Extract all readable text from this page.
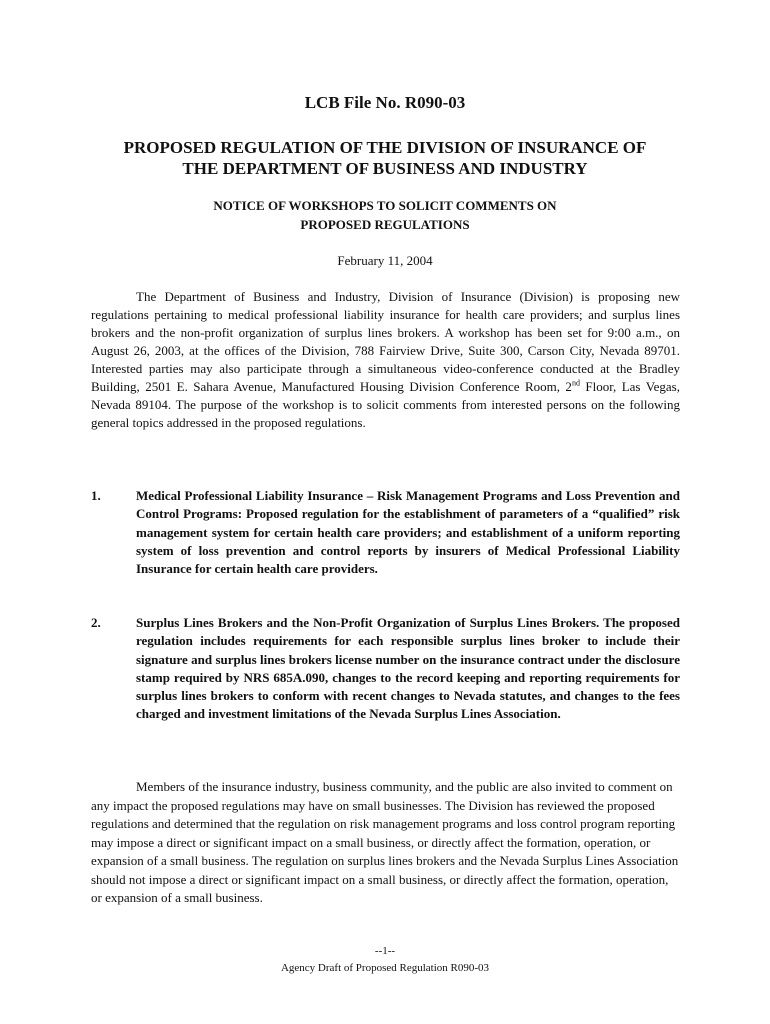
LCB File No. R090-03
PROPOSED REGULATION OF THE DIVISION OF INSURANCE OF
THE DEPARTMENT OF BUSINESS AND INDUSTRY
NOTICE OF WORKSHOPS TO SOLICIT COMMENTS ON
PROPOSED REGULATIONS
February 11, 2004

The Department of Business and Industry, Division of Insurance (Division) is proposing new regulations pertaining to medical professional liability insurance for health care providers; and surplus lines brokers and the non-profit organization of surplus lines brokers. A workshop has been set for 9:00 a.m., on August 26, 2003, at the offices of the Division, 788 Fairview Drive, Suite 300, Carson City, Nevada 89701. Interested parties may also participate through a simultaneous video-conference conducted at the Bradley Building, 2501 E. Sahara Avenue, Manufactured Housing Division Conference Room, 2nd Floor, Las Vegas, Nevada 89104. The purpose of the workshop is to solicit comments from interested persons on the following general topics addressed in the proposed regulations.

1.	Medical Professional Liability Insurance – Risk Management Programs and Loss Prevention and Control Programs: Proposed regulation for the establishment of parameters of a “qualified” risk management system for certain health care providers; and establishment of a uniform reporting system of loss prevention and control reports by insurers of Medical Professional Liability Insurance for certain health care providers.
2.	Surplus Lines Brokers and the Non-Profit Organization of Surplus Lines Brokers. The proposed regulation includes requirements for each responsible surplus lines broker to include their signature and surplus lines brokers license number on the insurance contract under the disclosure stamp required by NRS 685A.090, changes to the record keeping and reporting requirements for surplus lines brokers to conform with recent changes to Nevada statutes, and changes to the fees charged and investment limitations of the Nevada Surplus Lines Association.

Members of the insurance industry, business community, and the public are also invited to comment on any impact the proposed regulations may have on small businesses. The Division has reviewed the proposed regulations and determined that the regulation on risk management programs and loss control program reporting may impose a direct or significant impact on a small business, or directly affect the formation, operation, or expansion of a small business. The regulation on surplus lines brokers and the Nevada Surplus Lines Association should not impose a direct or significant impact on a small business, or directly affect the formation, operation, or expansion of a small business.

--1--
Agency Draft of Proposed Regulation R090-03
